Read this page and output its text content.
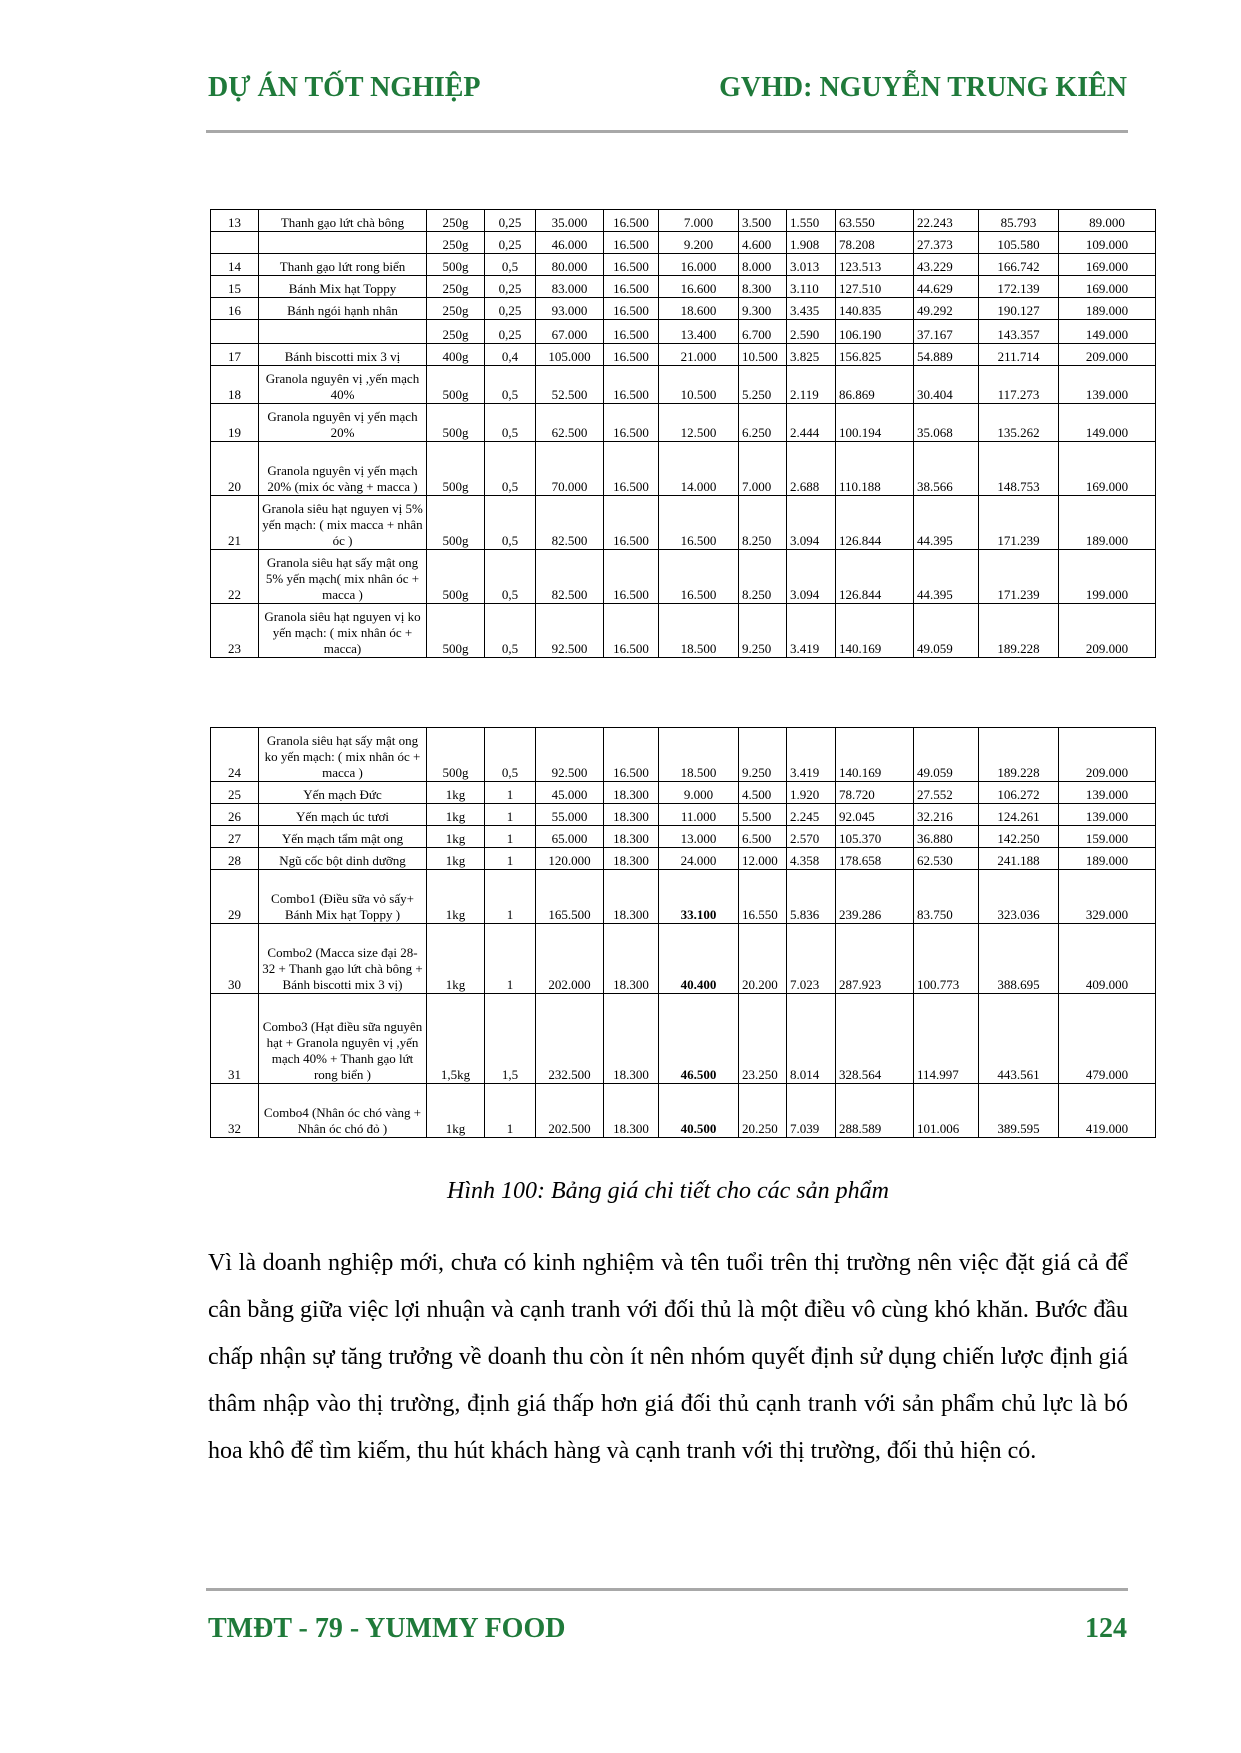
DỰ ÁN TỐT NGHIỆP	GVHD: NGUYỄN TRUNG KIÊN
13	Thanh gạo lứt chà bông	250g	0,25	35.000	16.500	7.000	3.500	1.550	63.550	22.243	85.793	89.000
		250g	0,25	46.000	16.500	9.200	4.600	1.908	78.208	27.373	105.580	109.000
14	Thanh gạo lứt rong biển	500g	0,5	80.000	16.500	16.000	8.000	3.013	123.513	43.229	166.742	169.000
15	Bánh Mix hạt Toppy	250g	0,25	83.000	16.500	16.600	8.300	3.110	127.510	44.629	172.139	169.000
16	Bánh ngói hạnh nhân	250g	0,25	93.000	16.500	18.600	9.300	3.435	140.835	49.292	190.127	189.000
		250g	0,25	67.000	16.500	13.400	6.700	2.590	106.190	37.167	143.357	149.000
17	Bánh biscotti mix 3 vị	400g	0,4	105.000	16.500	21.000	10.500	3.825	156.825	54.889	211.714	209.000
18	Granola nguyên vị ,yến mạch 40%	500g	0,5	52.500	16.500	10.500	5.250	2.119	86.869	30.404	117.273	139.000
19	Granola nguyên vị yến mạch 20%	500g	0,5	62.500	16.500	12.500	6.250	2.444	100.194	35.068	135.262	149.000
20	Granola nguyên vị yến mạch 20% (mix óc vàng + macca )	500g	0,5	70.000	16.500	14.000	7.000	2.688	110.188	38.566	148.753	169.000
21	Granola siêu hạt nguyen vị 5% yến mạch: ( mix macca + nhân óc )	500g	0,5	82.500	16.500	16.500	8.250	3.094	126.844	44.395	171.239	189.000
22	Granola siêu hạt sấy mật ong 5% yến mạch( mix nhân óc + macca )	500g	0,5	82.500	16.500	16.500	8.250	3.094	126.844	44.395	171.239	199.000
23	Granola siêu hạt nguyen vị ko yến mạch: ( mix nhân óc + macca)	500g	0,5	92.500	16.500	18.500	9.250	3.419	140.169	49.059	189.228	209.000
24	Granola siêu hạt sấy mật ong ko yến mạch: ( mix nhân óc + macca )	500g	0,5	92.500	16.500	18.500	9.250	3.419	140.169	49.059	189.228	209.000
25	Yến mạch Đức	1kg	1	45.000	18.300	9.000	4.500	1.920	78.720	27.552	106.272	139.000
26	Yến mạch úc tươi	1kg	1	55.000	18.300	11.000	5.500	2.245	92.045	32.216	124.261	139.000
27	Yến mạch tẩm mật ong	1kg	1	65.000	18.300	13.000	6.500	2.570	105.370	36.880	142.250	159.000
28	Ngũ cốc bột dinh dưỡng	1kg	1	120.000	18.300	24.000	12.000	4.358	178.658	62.530	241.188	189.000
29	Combo1 (Điều sữa vỏ sấy+ Bánh Mix hạt Toppy )	1kg	1	165.500	18.300	33.100	16.550	5.836	239.286	83.750	323.036	329.000
30	Combo2 (Macca size đại 28-32 + Thanh gạo lứt chà bông + Bánh biscotti mix 3 vị)	1kg	1	202.000	18.300	40.400	20.200	7.023	287.923	100.773	388.695	409.000
31	Combo3 (Hạt điều sữa nguyên hạt + Granola nguyên vị ,yến mạch 40% + Thanh gạo lứt rong biển )	1,5kg	1,5	232.500	18.300	46.500	23.250	8.014	328.564	114.997	443.561	479.000
32	Combo4 (Nhân óc chó vàng + Nhân óc chó đỏ )	1kg	1	202.500	18.300	40.500	20.250	7.039	288.589	101.006	389.595	419.000
Hình 100: Bảng giá chi tiết cho các sản phẩm
Vì là doanh nghiệp mới, chưa có kinh nghiệm và tên tuổi trên thị trường nên việc đặt giá cả để cân bằng giữa việc lợi nhuận và cạnh tranh với đối thủ là một điều vô cùng khó khăn. Bước đầu chấp nhận sự tăng trưởng về doanh thu còn ít nên nhóm quyết định sử dụng chiến lược định giá thâm nhập vào thị trường, định giá thấp hơn giá đối thủ cạnh tranh với sản phẩm chủ lực là bó hoa khô để tìm kiếm, thu hút khách hàng và cạnh tranh với thị trường, đối thủ hiện có.
TMĐT - 79 - YUMMY FOOD	124
